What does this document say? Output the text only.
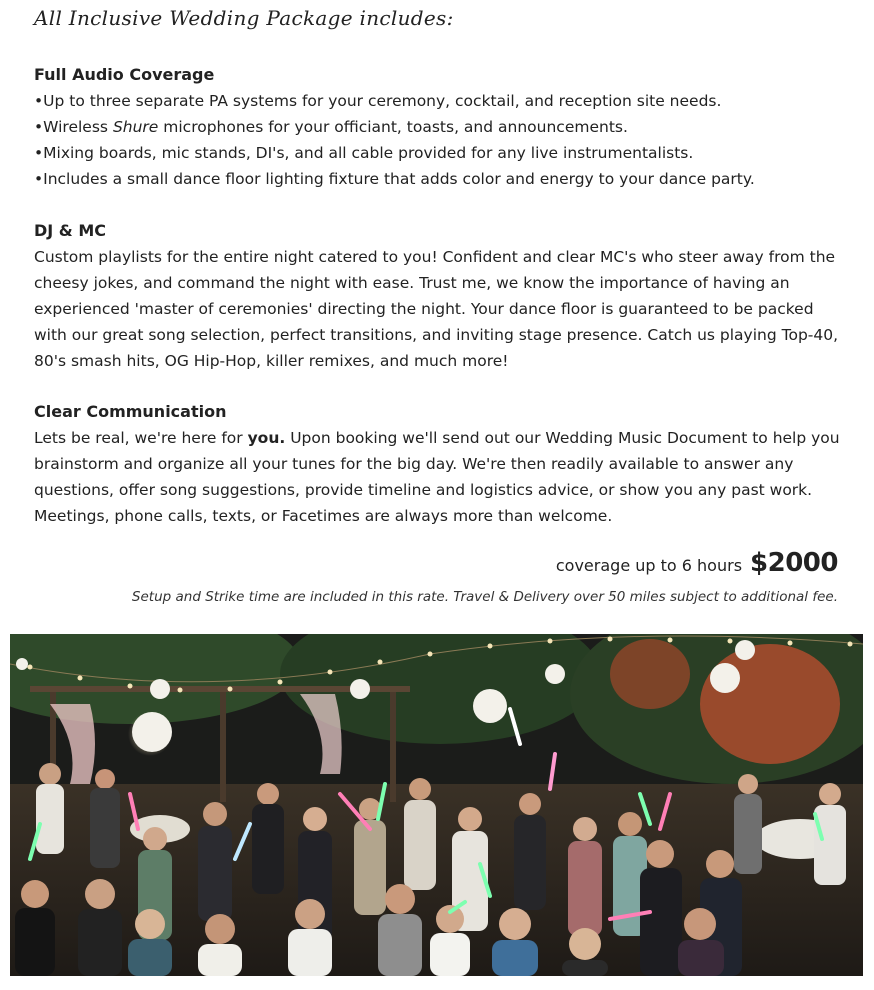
All Inclusive Wedding Package includes:

Full Audio Coverage

•Up to three separate PA systems for your ceremony, cocktail, and reception site needs.

•Wireless Shure microphones for your officiant, toasts, and announcements.

•Mixing boards, mic stands, DI's, and all cable provided for any live instrumentalists.

•Includes a small dance floor lighting fixture that adds color and energy to your dance party.

DJ & MC

Custom playlists for the entire night catered to you! Confident and clear MC's who steer away from the cheesy jokes, and command the night with ease. Trust me, we know the importance of having an experienced 'master of ceremonies' directing the night. Your dance floor is guaranteed to be packed with our great song selection, perfect transitions, and inviting stage presence. Catch us playing Top-40, 80's smash hits, OG Hip-Hop, killer remixes, and much more!

Clear Communication

Lets be real, we're here for you. Upon booking we'll send out our Wedding Music Document to help you brainstorm and organize all your tunes for the big day. We're then readily available to answer any questions, offer song suggestions, provide timeline and logistics advice, or show you any past work. Meetings, phone calls, texts, or Facetimes are always more than welcome.

coverage up to 6 hours $2000
Setup and Strike time are included in this rate. Travel & Delivery over 50 miles subject to additional fee.
